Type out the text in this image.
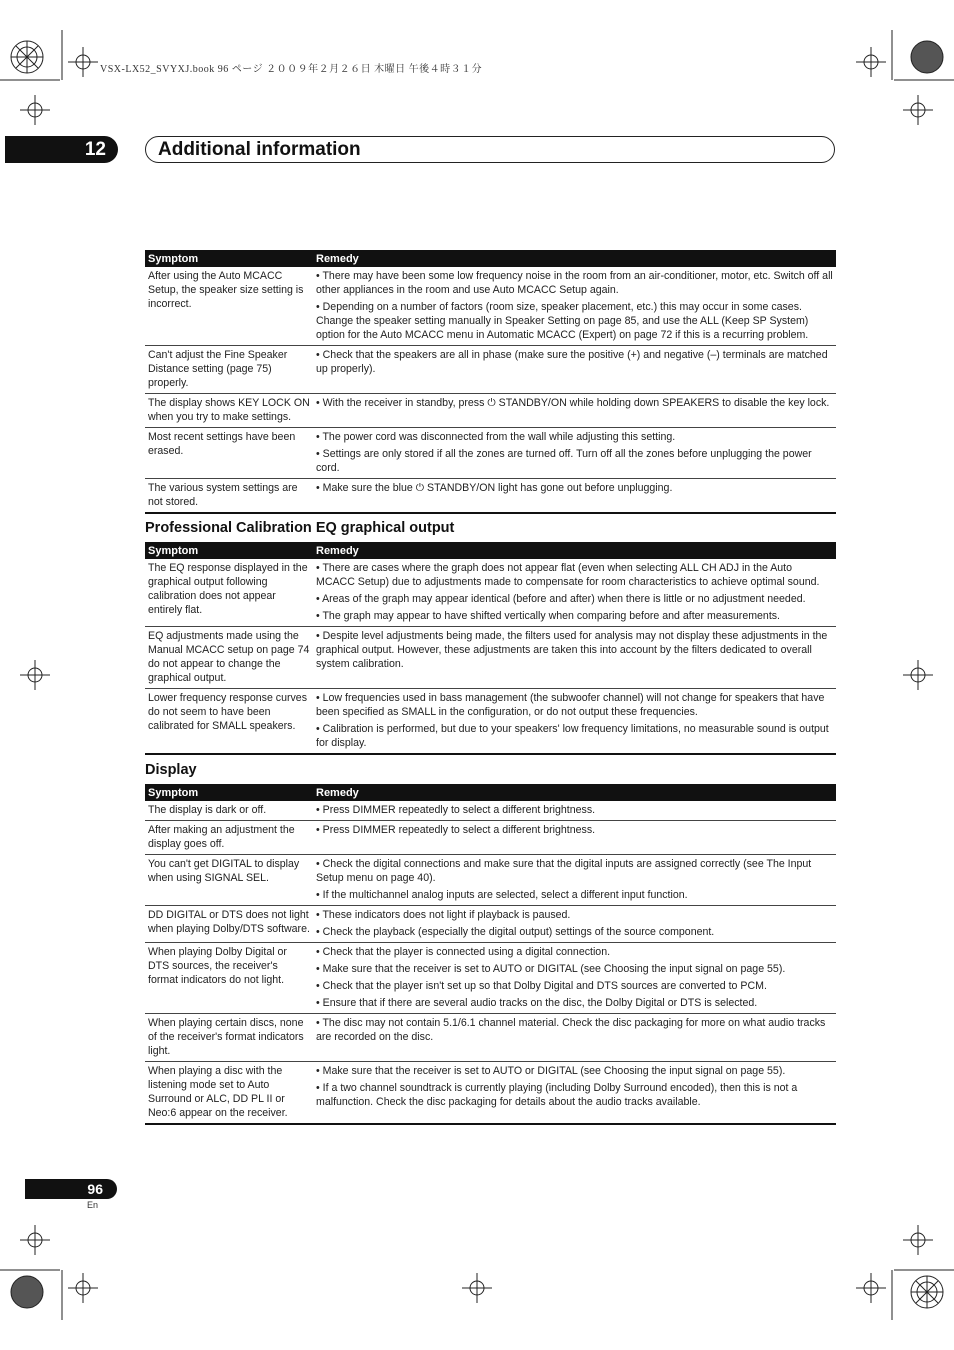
VSX-LX52_SVYXJ.book 96 ページ ２００９年２月２６日 木曜日 午後４時３１分
12	Additional information
Symptom	Remedy
After using the Auto MCACC Setup, the speaker size setting is incorrect.	• There may have been some low frequency noise in the room from an air-conditioner, motor, etc. Switch off all other appliances in the room and use Auto MCACC Setup again.

• Depending on a number of factors (room size, speaker placement, etc.) this may occur in some cases. Change the speaker setting manually in Speaker Setting on page 85, and use the ALL (Keep SP System) option for the Auto MCACC menu in Automatic MCACC (Expert) on page 72 if this is a recurring problem.

Can't adjust the Fine Speaker Distance setting (page 75) properly.	• Check that the speakers are all in phase (make sure the positive (+) and negative (–) terminals are matched up properly).

The display shows KEY LOCK ON when you try to make settings.	• With the receiver in standby, press ⏻ STANDBY/ON while holding down SPEAKERS to disable the key lock.

Most recent settings have been erased.	• The power cord was disconnected from the wall while adjusting this setting.

• Settings are only stored if all the zones are turned off. Turn off all the zones before unplugging the power cord.

The various system settings are not stored.	• Make sure the blue ⏻ STANDBY/ON light has gone out before unplugging.

Professional Calibration EQ graphical output
Symptom	Remedy
The EQ response displayed in the graphical output following calibration does not appear entirely flat.	• There are cases where the graph does not appear flat (even when selecting ALL CH ADJ in the Auto MCACC Setup) due to adjustments made to compensate for room characteristics to achieve optimal sound.

• Areas of the graph may appear identical (before and after) when there is little or no adjustment needed.

• The graph may appear to have shifted vertically when comparing before and after measurements.

EQ adjustments made using the Manual MCACC setup on page 74 do not appear to change the graphical output.	• Despite level adjustments being made, the filters used for analysis may not display these adjustments in the graphical output. However, these adjustments are taken this into account by the filters dedicated to overall system calibration.

Lower frequency response curves do not seem to have been calibrated for SMALL speakers.	• Low frequencies used in bass management (the subwoofer channel) will not change for speakers that have been specified as SMALL in the configuration, or do not output these frequencies.

• Calibration is performed, but due to your speakers' low frequency limitations, no measurable sound is output for display.

Display
Symptom	Remedy
The display is dark or off.	• Press DIMMER repeatedly to select a different brightness.

After making an adjustment the display goes off.	• Press DIMMER repeatedly to select a different brightness.

You can't get DIGITAL to display when using SIGNAL SEL.	• Check the digital connections and make sure that the digital inputs are assigned correctly (see The Input Setup menu on page 40).

• If the multichannel analog inputs are selected, select a different input function.

DD DIGITAL or DTS does not light when playing Dolby/DTS software.	• These indicators does not light if playback is paused.

• Check the playback (especially the digital output) settings of the source component.

When playing Dolby Digital or DTS sources, the receiver's format indicators do not light.	• Check that the player is connected using a digital connection.

• Make sure that the receiver is set to AUTO or DIGITAL (see Choosing the input signal on page 55).

• Check that the player isn't set up so that Dolby Digital and DTS sources are converted to PCM.

• Ensure that if there are several audio tracks on the disc, the Dolby Digital or DTS is selected.

When playing certain discs, none of the receiver's format indicators light.	• The disc may not contain 5.1/6.1 channel material. Check the disc packaging for more on what audio tracks are recorded on the disc.

When playing a disc with the listening mode set to Auto Surround or ALC, DD PL II or Neo:6 appear on the receiver.	• Make sure that the receiver is set to AUTO or DIGITAL (see Choosing the input signal on page 55).

• If a two channel soundtrack is currently playing (including Dolby Surround encoded), then this is not a malfunction. Check the disc packaging for details about the audio tracks available.

96
En
